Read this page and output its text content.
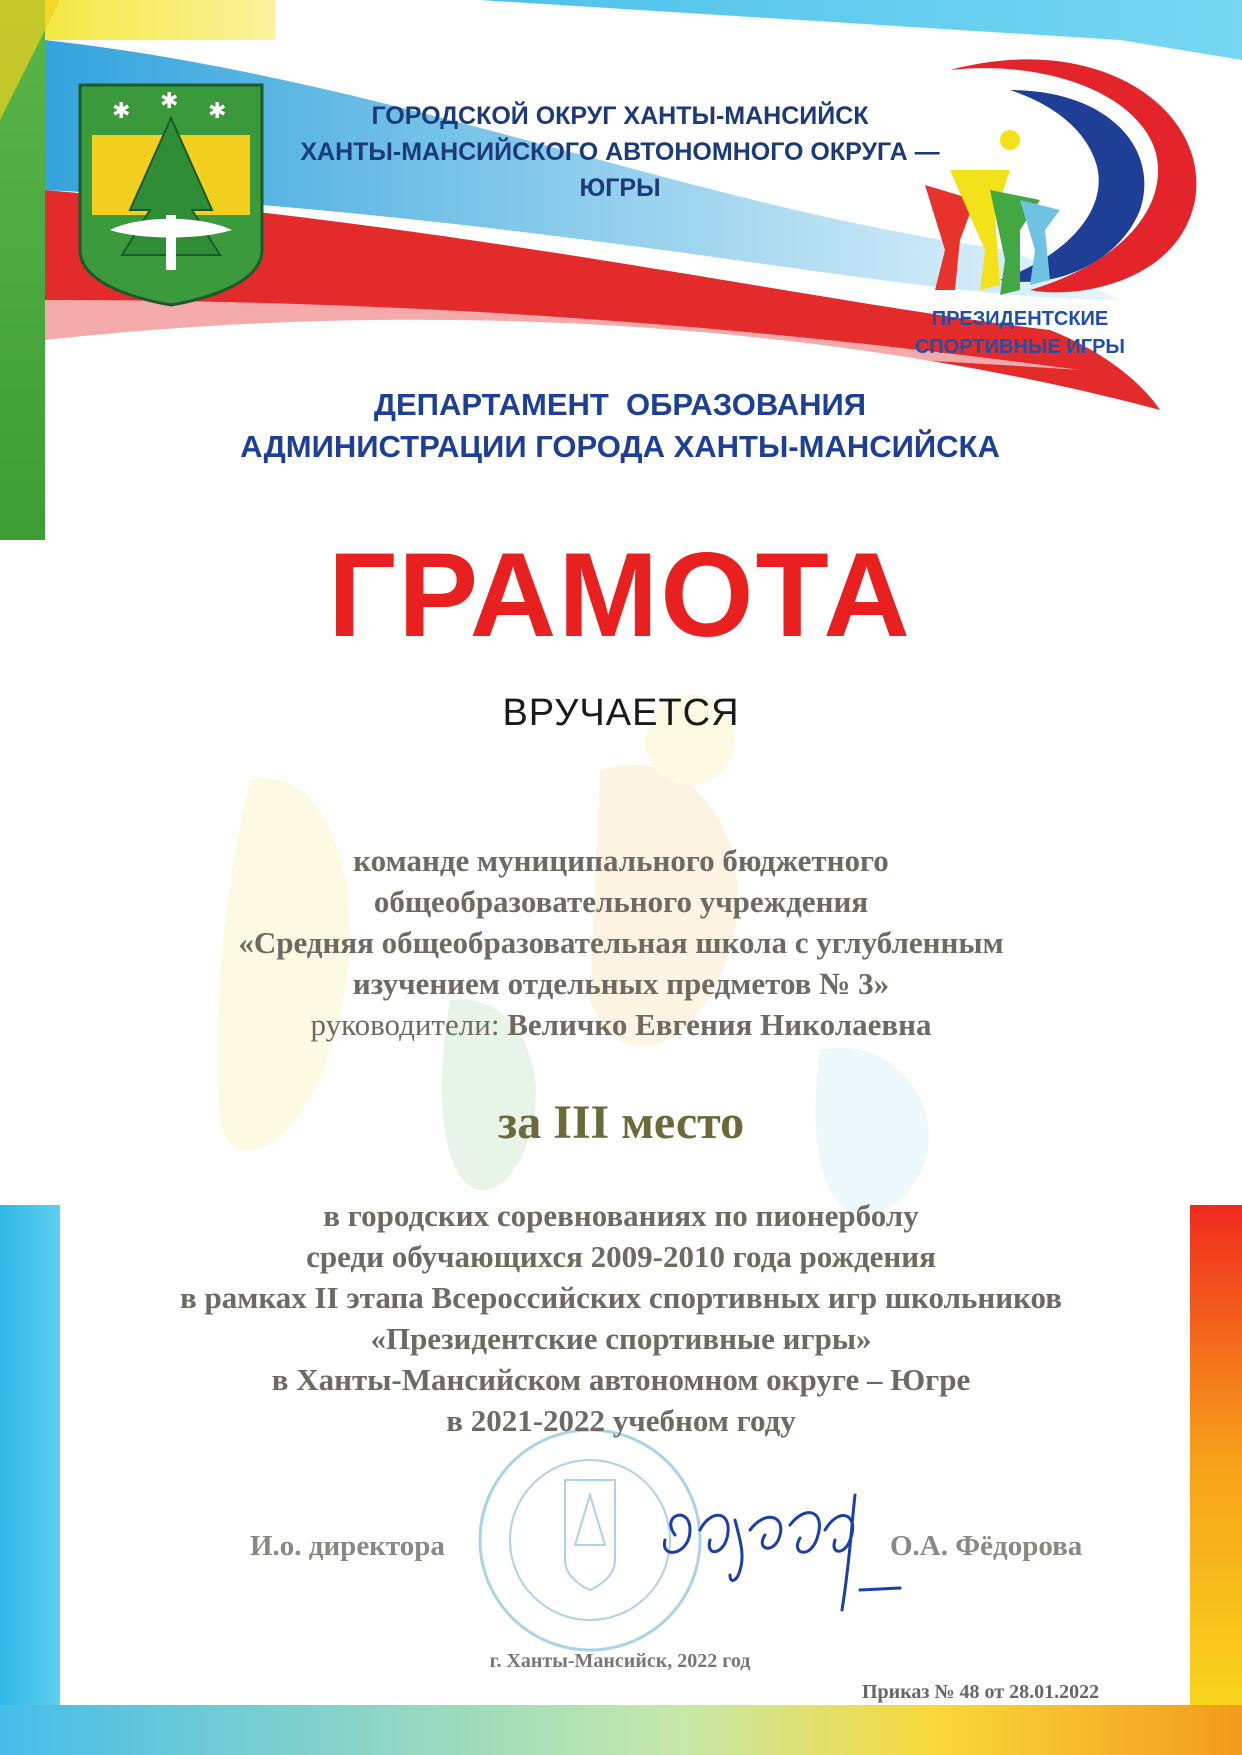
✱ ✱ ✱	ГОРОДСКОЙ ОКРУГ ХАНТЫ-МАНСИЙСК
ХАНТЫ-МАНСИЙСКОГО АВТОНОМНОГО ОКРУГА — ЮГРЫ
ПРЕЗИДЕНТСКИЕ
СПОРТИВНЫЕ ИГРЫ
ДЕПАРТАМЕНТ  ОБРАЗОВАНИЯ
АДМИНИСТРАЦИИ ГОРОДА ХАНТЫ-МАНСИЙСКА
ГРАМОТА
ВРУЧАЕТСЯ
команде муниципального бюджетного
общеобразовательного учреждения
«Средняя общеобразовательная школа с углубленным
изучением отдельных предметов № 3»
руководители: Величко Евгения Николаевна
за III место
в городских соревнованиях по пионерболу
среди обучающихся 2009-2010 года рождения
в рамках II этапа Всероссийских спортивных игр школьников
«Президентские спортивные игры»
в Ханты-Мансийском автономном округе – Югре
в 2021-2022 учебном году
И.о. директора	О.А. Фёдорова
г. Ханты-Мансийск, 2022 год
Приказ № 48 от 28.01.2022
